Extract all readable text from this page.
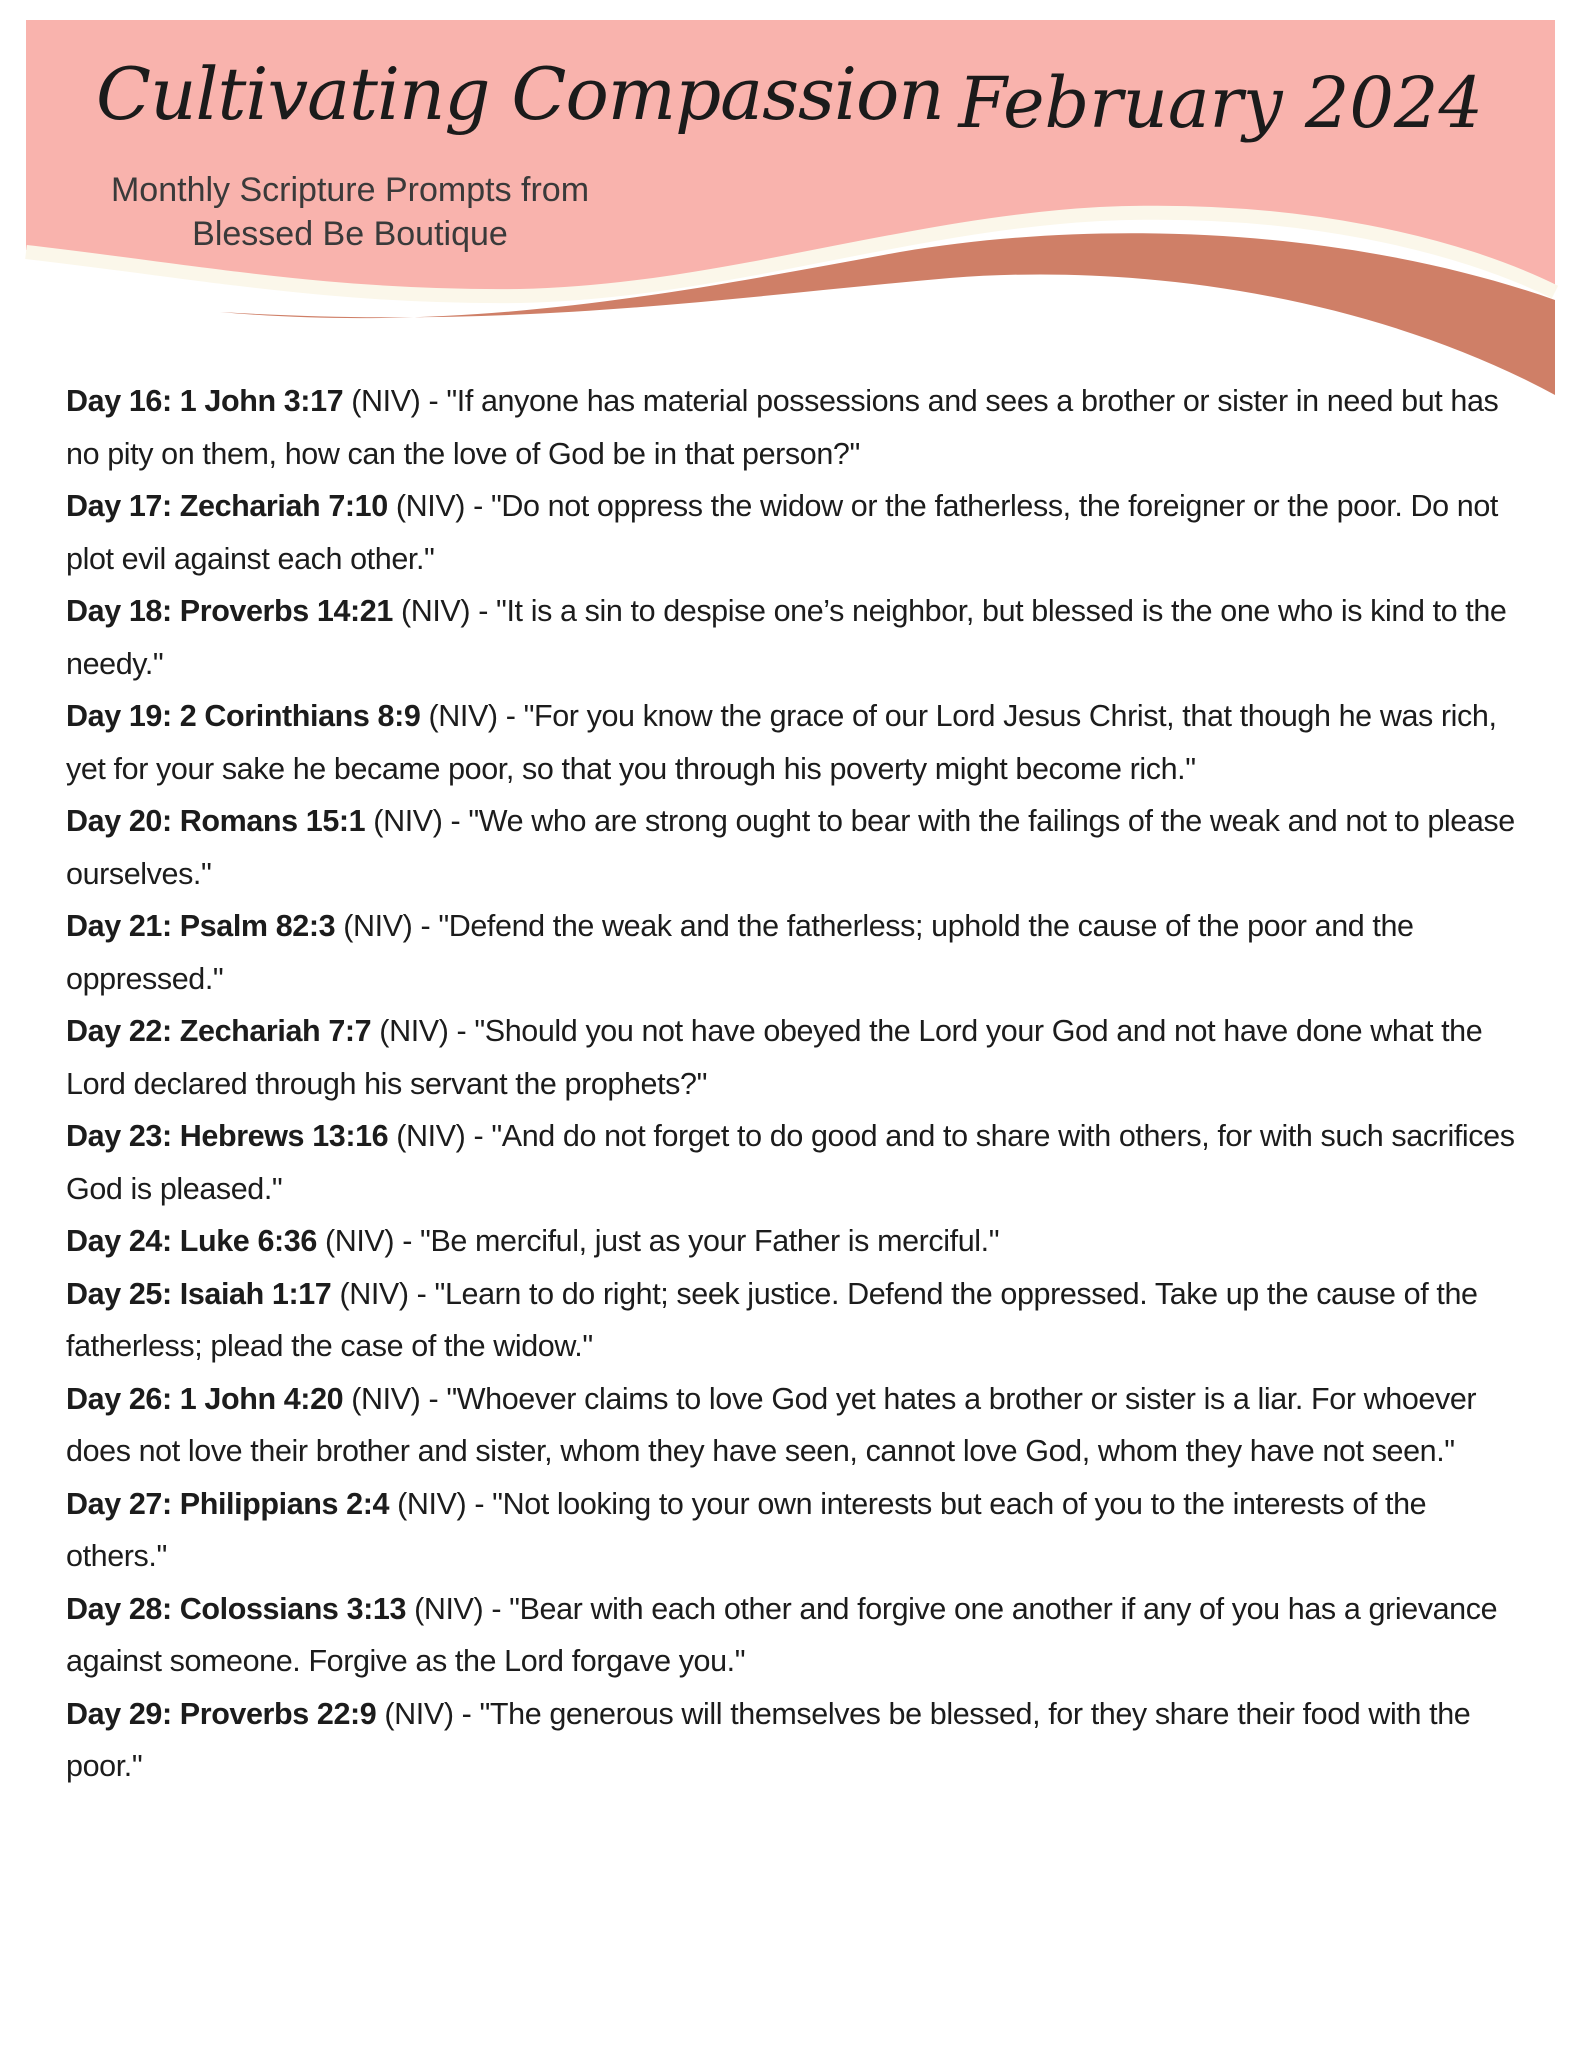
Cultivating Compassion
Monthly Scripture Prompts from Blessed Be Boutique
February 2024

Day 16: 1 John 3:17 (NIV) - "If anyone has material possessions and sees a brother or sister in need but has no pity on them, how can the love of God be in that person?"

Day 17: Zechariah 7:10 (NIV) - "Do not oppress the widow or the fatherless, the foreigner or the poor. Do not plot evil against each other."

Day 18: Proverbs 14:21 (NIV) - "It is a sin to despise one’s neighbor, but blessed is the one who is kind to the needy."

Day 19: 2 Corinthians 8:9 (NIV) - "For you know the grace of our Lord Jesus Christ, that though he was rich, yet for your sake he became poor, so that you through his poverty might become rich."

Day 20: Romans 15:1 (NIV) - "We who are strong ought to bear with the failings of the weak and not to please ourselves."

Day 21: Psalm 82:3 (NIV) - "Defend the weak and the fatherless; uphold the cause of the poor and the oppressed."

Day 22: Zechariah 7:7 (NIV) - "Should you not have obeyed the Lord your God and not have done what the Lord declared through his servant the prophets?"

Day 23: Hebrews 13:16 (NIV) - "And do not forget to do good and to share with others, for with such sacrifices God is pleased."

Day 24: Luke 6:36 (NIV) - "Be merciful, just as your Father is merciful."

Day 25: Isaiah 1:17 (NIV) - "Learn to do right; seek justice. Defend the oppressed. Take up the cause of the fatherless; plead the case of the widow."

Day 26: 1 John 4:20 (NIV) - "Whoever claims to love God yet hates a brother or sister is a liar. For whoever does not love their brother and sister, whom they have seen, cannot love God, whom they have not seen."

Day 27: Philippians 2:4 (NIV) - "Not looking to your own interests but each of you to the interests of the others."

Day 28: Colossians 3:13 (NIV) - "Bear with each other and forgive one another if any of you has a grievance against someone. Forgive as the Lord forgave you."

Day 29: Proverbs 22:9 (NIV) - "The generous will themselves be blessed, for they share their food with the poor."
